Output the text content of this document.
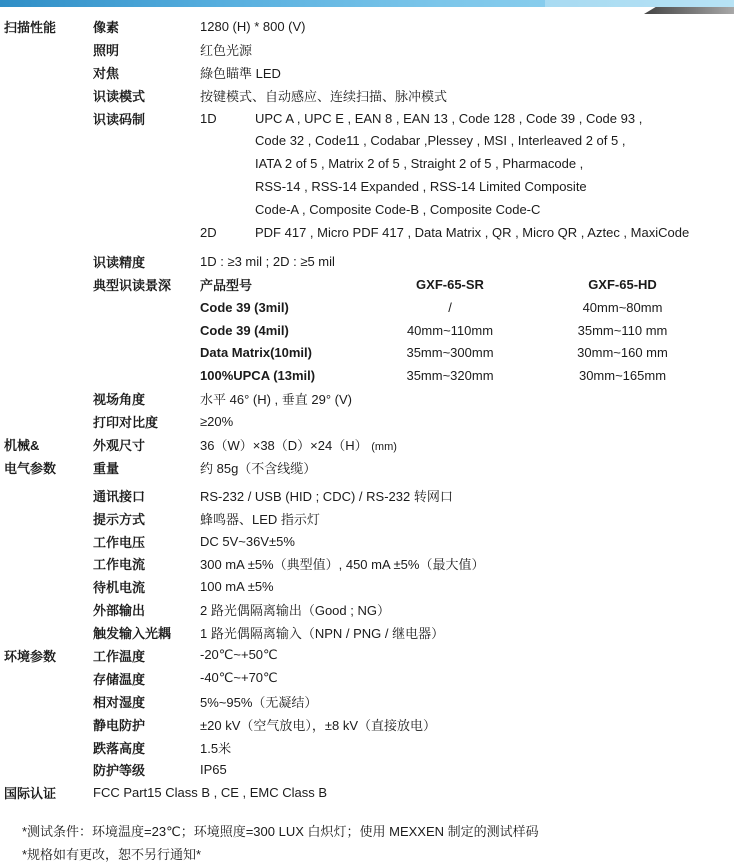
扫描性能	像素	1280 (H) * 800 (V)
照明	红色光源
对焦	綠色瞄準 LED
识读模式	按键模式、自动感应、连续扫描、脉冲模式
识读码制	1D	UPC A , UPC E , EAN 8 , EAN 13 , Code 128 , Code 39 , Code 93 ,
Code 32 , Code11 , Codabar ,Plessey , MSI , Interleaved 2 of 5 ,
IATA 2 of 5 , Matrix 2 of 5 , Straight 2 of 5 , Pharmacode ,
RSS-14 , RSS-14 Expanded , RSS-14 Limited Composite
Code-A , Composite Code-B , Composite Code-C
2D	PDF 417 , Micro PDF 417 , Data Matrix , QR , Micro QR , Aztec , MaxiCode
识读精度	1D : ≥3 mil ; 2D : ≥5 mil
典型识读景深	产品型号	GXF-65-SR	GXF-65-HD
Code 39 (3mil)	/	40mm~80mm
Code 39 (4mil)	40mm~110mm	35mm~110 mm
Data Matrix(10mil)	35mm~300mm	30mm~160 mm
100%UPCA (13mil)	35mm~320mm	30mm~165mm
视场角度	水平 46° (H) , 垂直 29° (V)
打印对比度	≥20%
机械&	外观尺寸	36（W）×38（D）×24（H） (mm)
电气参数	重量	约 85g（不含线缆）
通讯接口	RS-232 / USB (HID ; CDC) / RS-232 转网口
提示方式	蜂鸣器、LED 指示灯
工作电压	DC 5V~36V±5%
工作电流	300 mA ±5%（典型值）, 450 mA ±5%（最大值）
待机电流	100 mA ±5%
外部输出	2 路光偶隔离输出（Good ; NG）
触发输入光耦	1 路光偶隔离输入（NPN / PNG / 继电器）
环境参数	工作温度	-20℃~+50℃
存储温度	-40℃~+70℃
相对湿度	5%~95%（无凝结）
静电防护	±20 kV（空气放电），±8 kV（直接放电）
跌落高度	1.5米
防护等级	IP65
国际认证	FCC Part15 Class B , CE , EMC Class B
*测试条件：环境温度=23℃；环境照度=300 LUX 白炽灯；使用 MEXXEN 制定的测试样码
*规格如有更改，恕不另行通知*
